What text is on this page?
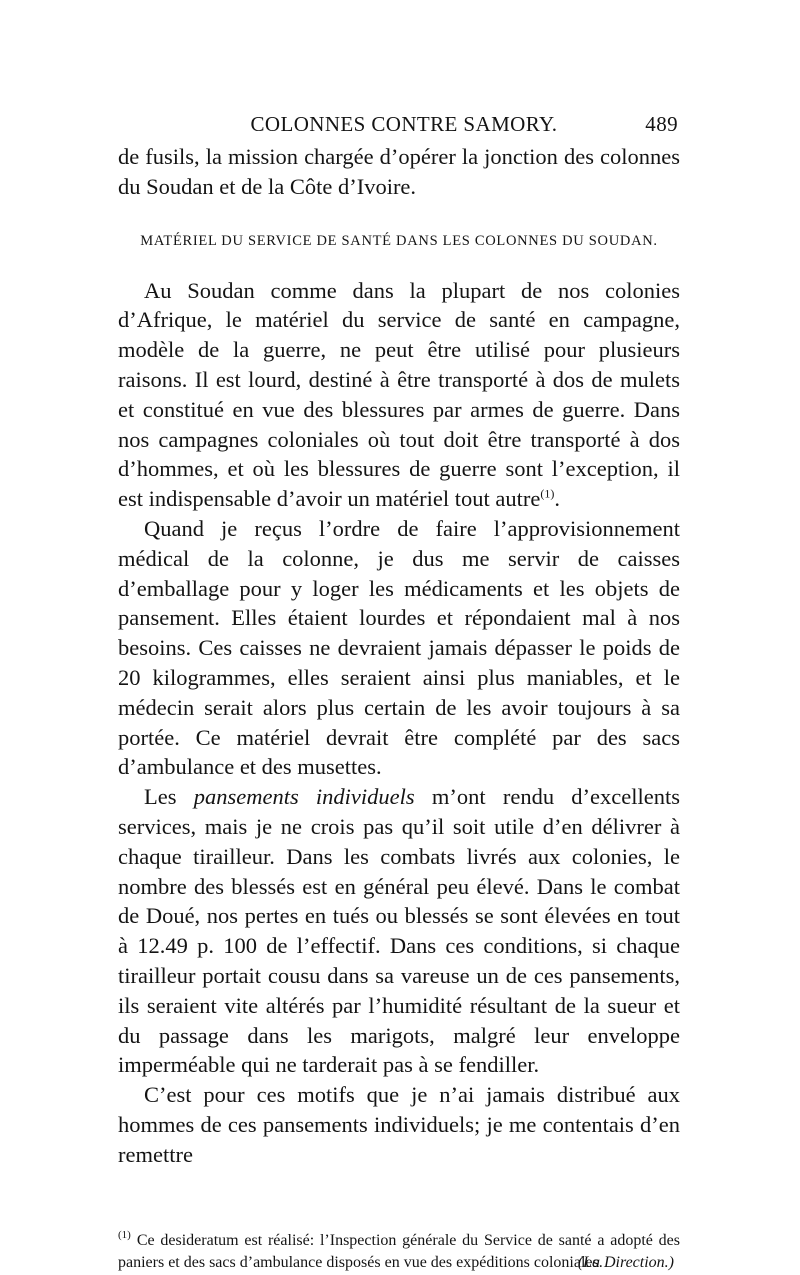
COLONNES CONTRE SAMORY.	489

de fusils, la mission chargée d’opérer la jonction des colonnes du Soudan et de la Côte d’Ivoire.

MATÉRIEL DU SERVICE DE SANTÉ DANS LES COLONNES DU SOUDAN.

Au Soudan comme dans la plupart de nos colonies d’Afrique, le matériel du service de santé en campagne, modèle de la guerre, ne peut être utilisé pour plusieurs raisons. Il est lourd, destiné à être transporté à dos de mulets et constitué en vue des blessures par armes de guerre. Dans nos campagnes coloniales où tout doit être transporté à dos d’hommes, et où les blessures de guerre sont l’exception, il est indispensable d’avoir un matériel tout autre$^{(1)}$.

Quand je reçus l’ordre de faire l’approvisionnement médical de la colonne, je dus me servir de caisses d’emballage pour y loger les médicaments et les objets de pansement. Elles étaient lourdes et répondaient mal à nos besoins. Ces caisses ne devraient jamais dépasser le poids de 20 kilogrammes, elles seraient ainsi plus maniables, et le médecin serait alors plus certain de les avoir toujours à sa portée. Ce matériel devrait être complété par des sacs d’ambulance et des musettes.

Les pansements individuels m’ont rendu d’excellents services, mais je ne crois pas qu’il soit utile d’en délivrer à chaque tirailleur. Dans les combats livrés aux colonies, le nombre des blessés est en général peu élevé. Dans le combat de Doué, nos pertes en tués ou blessés se sont élevées en tout à 12.49 p. 100 de l’effectif. Dans ces conditions, si chaque tirailleur portait cousu dans sa vareuse un de ces pansements, ils seraient vite altérés par l’humidité résultant de la sueur et du passage dans les marigots, malgré leur enveloppe imperméable qui ne tarderait pas à se fendiller.

C’est pour ces motifs que je n’ai jamais distribué aux hommes de ces pansements individuels; je me contentais d’en remettre

$^{(1)}$ Ce desideratum est réalisé: l’Inspection générale du Service de santé a adopté des paniers et des sacs d’ambulance disposés en vue des expéditions coloniales.

(La Direction.)
